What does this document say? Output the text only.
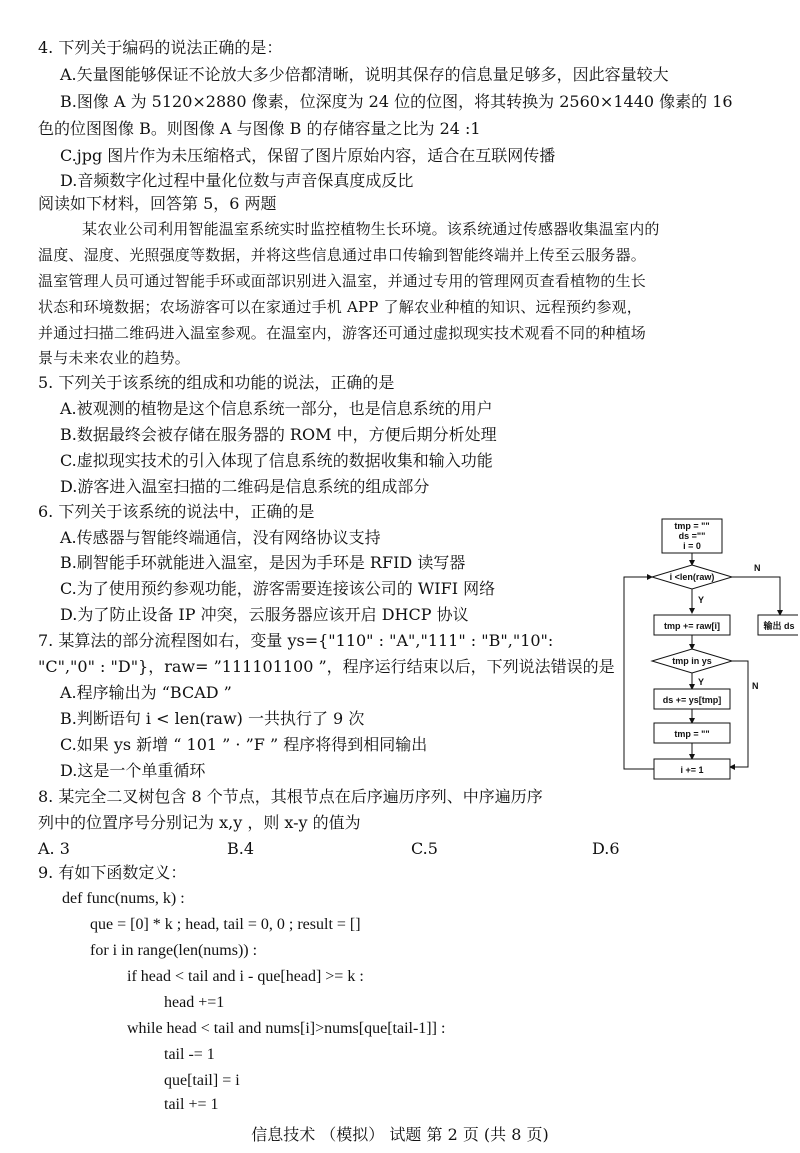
4. 下列关于编码的说法正确的是：
A.矢量图能够保证不论放大多少倍都清晰，说明其保存的信息量足够多，因此容量较大
B.图像 A 为 5120×2880 像素，位深度为 24 位的位图，将其转换为 2560×1440 像素的 16
色的位图图像 B。则图像 A 与图像 B 的存储容量之比为 24 :1
C.jpg 图片作为未压缩格式，保留了图片原始内容，适合在互联网传播
D.音频数字化过程中量化位数与声音保真度成反比
阅读如下材料，回答第 5，6 两题
某农业公司利用智能温室系统实时监控植物生长环境。该系统通过传感器收集温室内的
温度、湿度、光照强度等数据，并将这些信息通过串口传输到智能终端并上传至云服务器。
温室管理人员可通过智能手环或面部识别进入温室，并通过专用的管理网页查看植物的生长
状态和环境数据；农场游客可以在家通过手机 APP 了解农业种植的知识、远程预约参观，
并通过扫描二维码进入温室参观。在温室内，游客还可通过虚拟现实技术观看不同的种植场
景与未来农业的趋势。
5. 下列关于该系统的组成和功能的说法，正确的是
A.被观测的植物是这个信息系统一部分，也是信息系统的用户
B.数据最终会被存储在服务器的 ROM 中，方便后期分析处理
C.虚拟现实技术的引入体现了信息系统的数据收集和输入功能
D.游客进入温室扫描的二维码是信息系统的组成部分
6. 下列关于该系统的说法中，正确的是
A.传感器与智能终端通信，没有网络协议支持
B.刷智能手环就能进入温室，是因为手环是 RFID 读写器
C.为了使用预约参观功能，游客需要连接该公司的 WIFI 网络
D.为了防止设备 IP 冲突，云服务器应该开启 DHCP 协议
7. 某算法的部分流程图如右，变量 ys={"110" : "A","111" : "B","10":
"C","0" : "D"}，raw= ”111101100 ”，程序运行结束以后，下列说法错误的是
A.程序输出为 “BCAD ”
B.判断语句 i < len(raw) 一共执行了 9 次
C.如果 ys 新增 “ 101 ” · ”F ” 程序将得到相同输出
D.这是一个单重循环
tmp = ""
ds =""
i = 0
i <len(raw)
Y
N
tmp += raw[i]	输出 ds
tmp in ys
Y	N
ds += ys[tmp]
tmp = ""
i += 1
8. 某完全二叉树包含 8 个节点，其根节点在后序遍历序列、中序遍历序
列中的位置序号分别记为 x,y ，则 x-y 的值为
A. 3	B.4	C.5	D.6
9. 有如下函数定义：
def func(nums, k) :
que = [0] * k ; head, tail = 0, 0 ; result = []
for i in range(len(nums)) :
if head < tail and i - que[head] >= k :
head +=1
while head < tail and nums[i]>nums[que[tail-1]] :
tail -= 1
que[tail] = i
tail += 1
信息技术 （模拟） 试题 第 2 页 (共 8 页)
